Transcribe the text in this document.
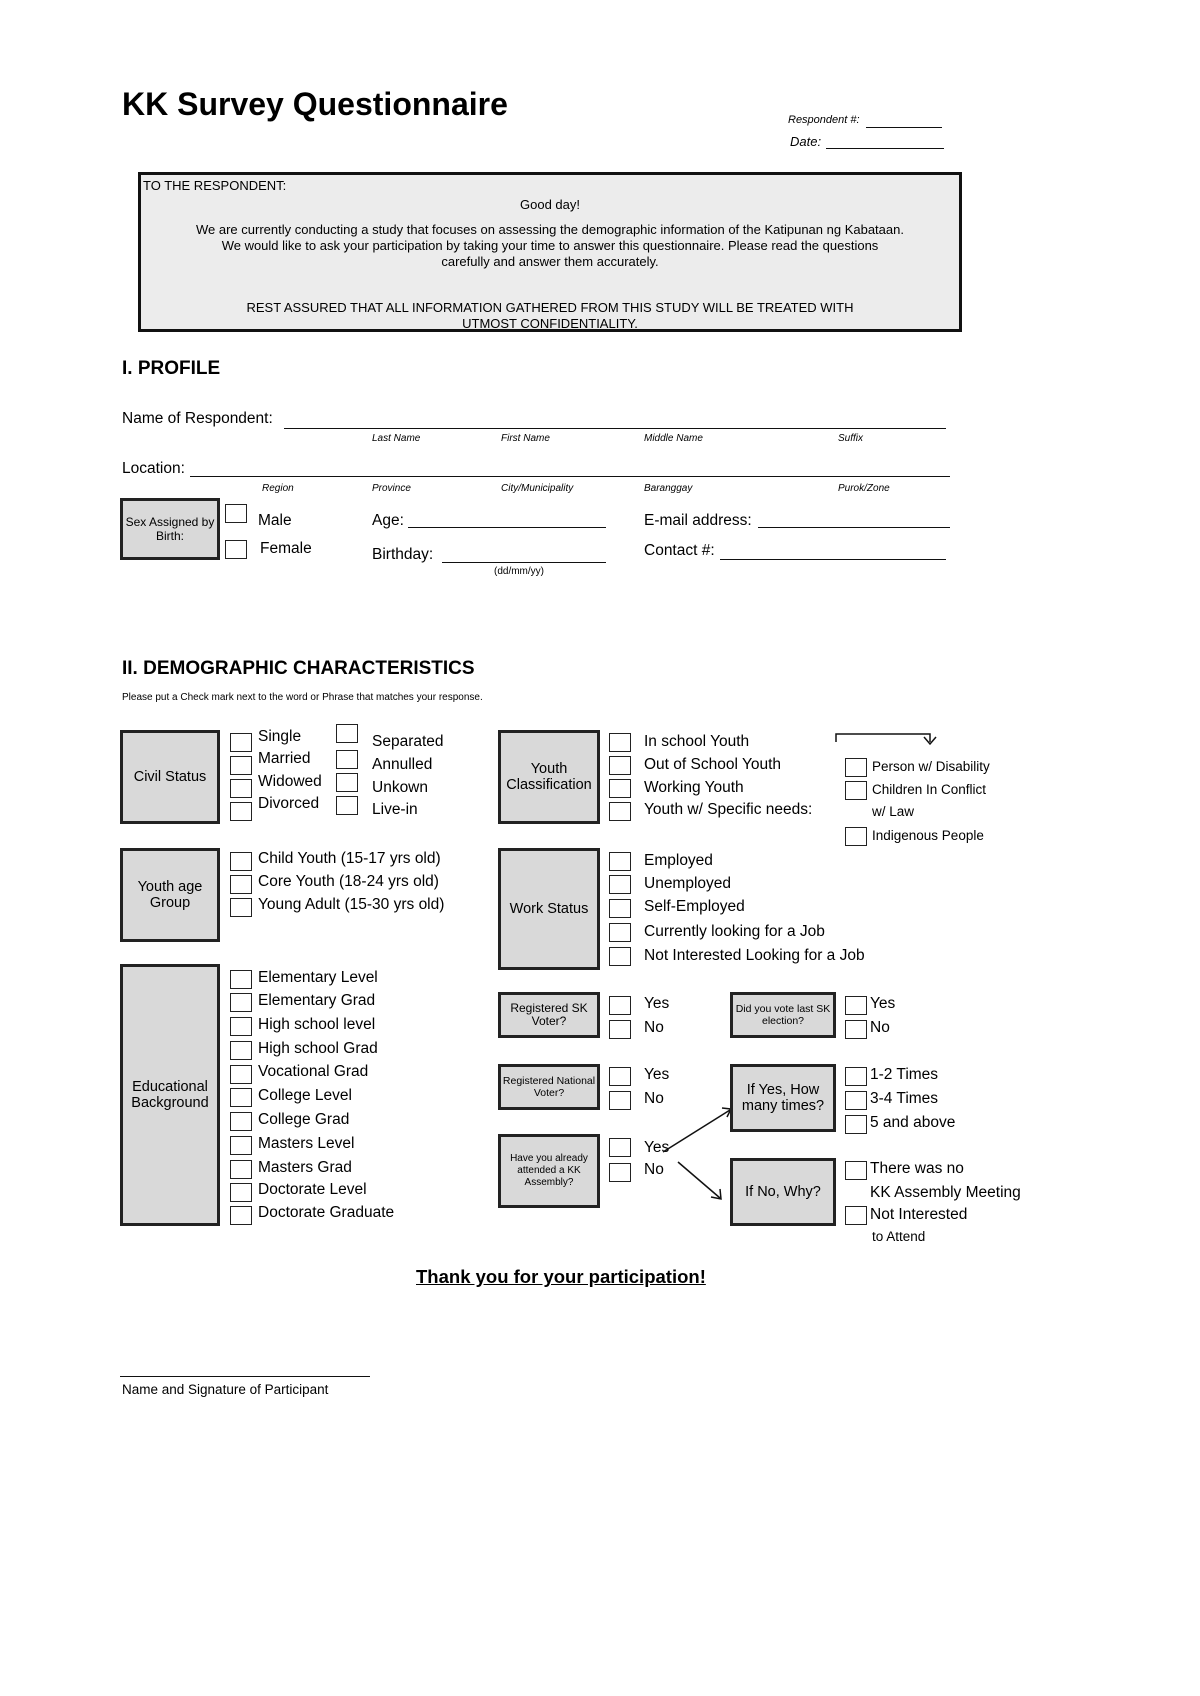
KK Survey Questionnaire	Respondent #:
Date:
TO THE RESPONDENT:

Good day!

We are currently conducting a study that focuses on assessing the demographic information of the Katipunan ng Kabataan.

We would like to ask your participation by taking your time to answer this questionnaire. Please read the questions

carefully and answer them accurately.

REST ASSURED THAT ALL INFORMATION GATHERED FROM THIS STUDY WILL BE TREATED WITH

UTMOST CONFIDENTIALITY.

I. PROFILE
Name of Respondent:
Last Name	First Name	Middle Name	Suffix
Location:
Region	Province	City/Municipality	Baranggay	Purok/Zone
Sex Assigned by Birth:
Male
Female
Age:
Birthday:
(dd/mm/yy)
E-mail address:
Contact #:
II. DEMOGRAPHIC CHARACTERISTICS
Please put a Check mark next to the word or Phrase that matches your response.
Civil Status
Single
Married
Widowed
Divorced
Separated
Annulled
Unkown
Live-in
Youth age Group
Child Youth (15-17 yrs old)
Core Youth (18-24 yrs old)
Young Adult (15-30 yrs old)
Educational Background
Elementary Level
Elementary Grad
High school level
High school Grad
Vocational Grad
College Level
College Grad
Masters Level
Masters Grad
Doctorate Level
Doctorate Graduate
Youth Classification
In school Youth
Out of School Youth
Working Youth
Youth w/ Specific needs:
Person w/ Disability
Children In Conflict
w/ Law
Indigenous People
Work Status
Employed
Unemployed
Self-Employed
Currently looking for a Job
Not Interested Looking for a Job
Registered SK Voter?
Yes
No
Did you vote last SK election?
Yes
No
Registered National Voter?
Yes
No
Have you already attended a KK Assembly?
Yes
No
If Yes, How many times?
1-2 Times
3-4 Times
5 and above
If No, Why?
There was no
KK Assembly Meeting
Not Interested
to Attend
Thank you for your participation!
Name and Signature of Participant
